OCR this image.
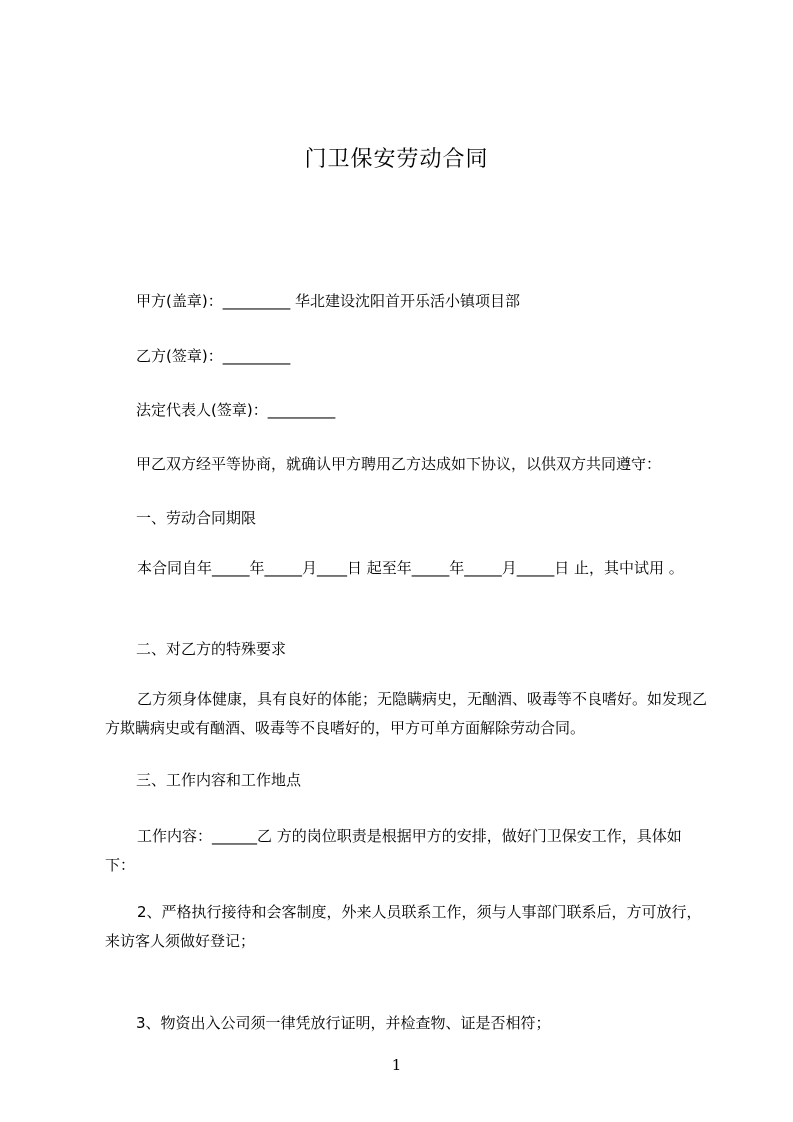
门卫保安劳动合同
甲方(盖章)：_________ 华北建设沈阳首开乐活小镇项目部
乙方(签章)：_________
法定代表人(签章)：_________
甲乙双方经平等协商，就确认甲方聘用乙方达成如下协议，以供双方共同遵守：
一、劳动合同期限
本合同自年_____年_____月____日 起至年_____年_____月_____日 止，其中试用 。
二、对乙方的特殊要求
乙方须身体健康，具有良好的体能；无隐瞒病史，无酗酒、吸毒等不良嗜好。如发现乙方欺瞒病史或有酗酒、吸毒等不良嗜好的，甲方可单方面解除劳动合同。
三、工作内容和工作地点
工作内容：______乙 方的岗位职责是根据甲方的安排，做好门卫保安工作，具体如下：
2、严格执行接待和会客制度，外来人员联系工作，须与人事部门联系后，方可放行，来访客人须做好登记；
3、物资出入公司须一律凭放行证明，并检查物、证是否相符；
1
